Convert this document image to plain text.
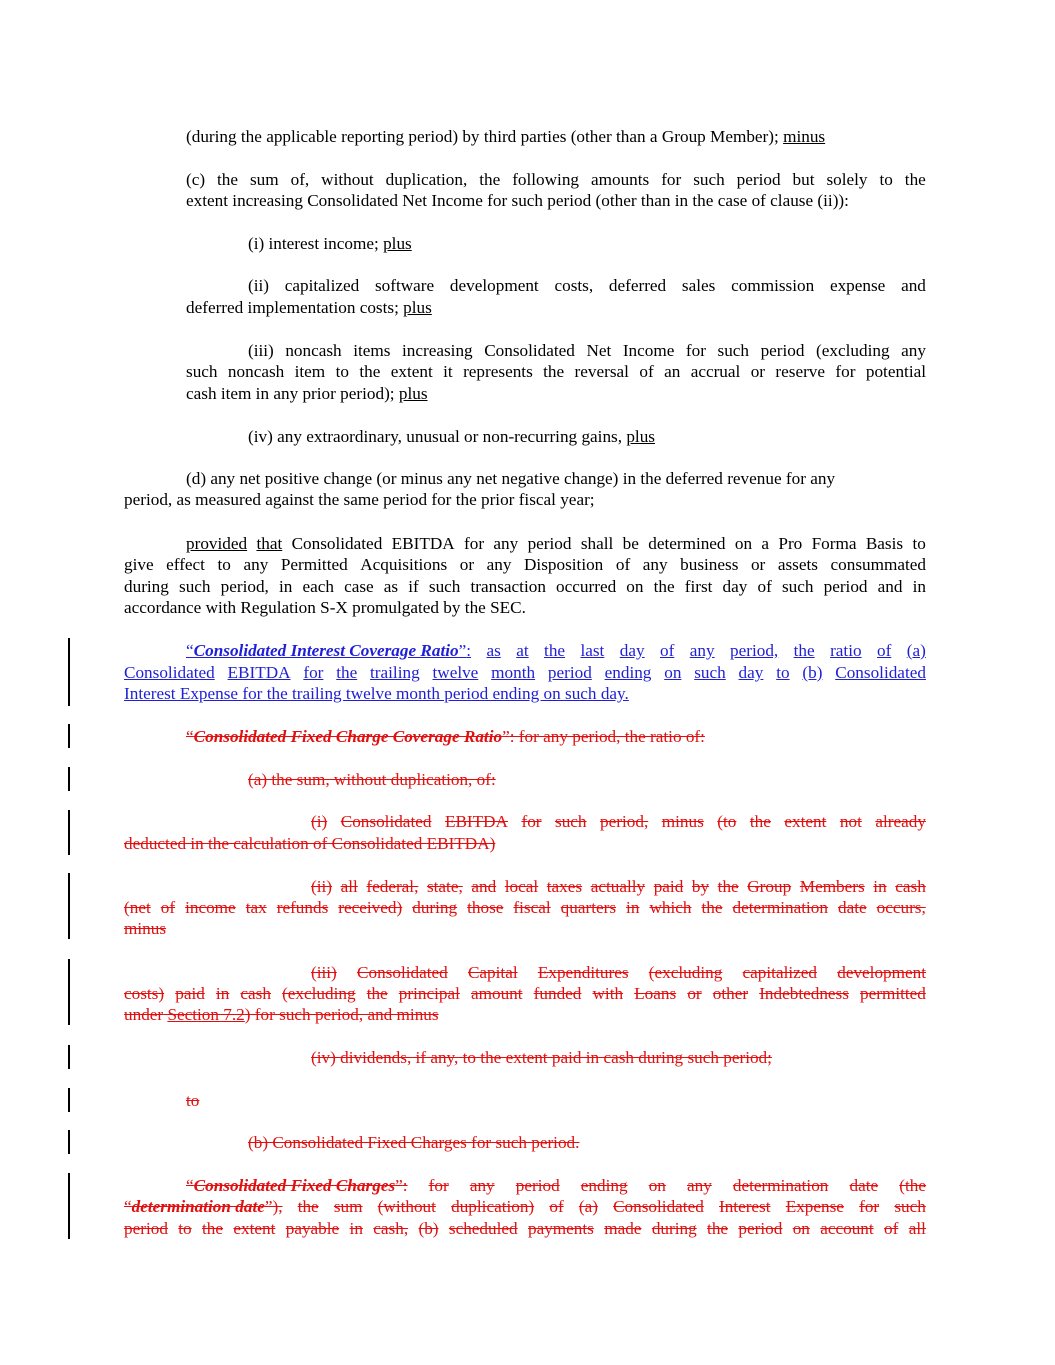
(during the applicable reporting period) by third parties (other than a Group Member); minus
(c) the sum of, without duplication, the following amounts for such period but solely to the
extent increasing Consolidated Net Income for such period (other than in the case of clause (ii)):
(i) interest income; plus
(ii) capitalized software development costs, deferred sales commission expense and
deferred implementation costs; plus
(iii) noncash items increasing Consolidated Net Income for such period (excluding any
such noncash item to the extent it represents the reversal of an accrual or reserve for potential
cash item in any prior period); plus
(iv) any extraordinary, unusual or non-recurring gains, plus
(d) any net positive change (or minus any net negative change) in the deferred revenue for any
period, as measured against the same period for the prior fiscal year;
provided that Consolidated EBITDA for any period shall be determined on a Pro Forma Basis to
give effect to any Permitted Acquisitions or any Disposition of any business or assets consummated
during such period, in each case as if such transaction occurred on the first day of such period and in
accordance with Regulation S-X promulgated by the SEC.
“Consolidated Interest Coverage Ratio”: as at the last day of any period, the ratio of (a)
Consolidated EBITDA for the trailing twelve month period ending on such day to (b) Consolidated
Interest Expense for the trailing twelve month period ending on such day.
“Consolidated Fixed Charge Coverage Ratio”: for any period, the ratio of:
(a) the sum, without duplication, of:
(i) Consolidated EBITDA for such period, minus (to the extent not already
deducted in the calculation of Consolidated EBITDA)
(ii) all federal, state, and local taxes actually paid by the Group Members in cash
(net of income tax refunds received) during those fiscal quarters in which the determination date occurs,
minus
(iii) Consolidated Capital Expenditures (excluding capitalized development
costs) paid in cash (excluding the principal amount funded with Loans or other Indebtedness permitted
under Section 7.2) for such period, and minus
(iv) dividends, if any, to the extent paid in cash during such period;
to
(b) Consolidated Fixed Charges for such period.
“Consolidated Fixed Charges”: for any period ending on any determination date (the
“determination date”), the sum (without duplication) of (a) Consolidated Interest Expense for such
period to the extent payable in cash, (b) scheduled payments made during the period on account of all
